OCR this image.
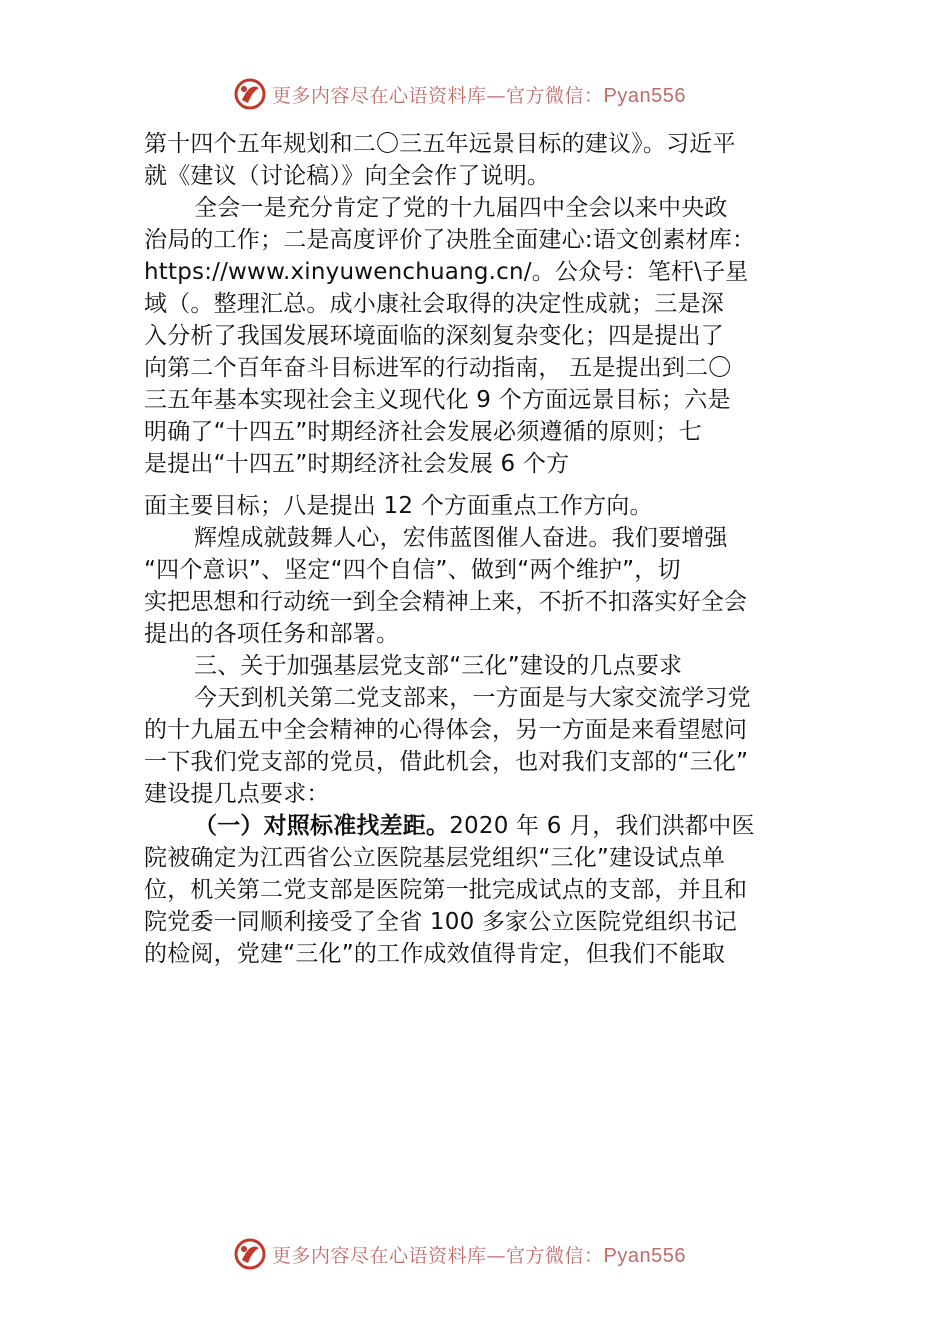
更多内容尽在心语资料库—官方微信：Pyan556

第十四个五年规划和二〇三五年远景目标的建议》。习近平

就《建议（讨论稿）》向全会作了说明。

全会一是充分肯定了党的十九届四中全会以来中央政

治局的工作；二是高度评价了决胜全面建心:语文创素材库：

https://www.xinyuwenchuang.cn/。公众号：笔杆\子星

域（。整理汇总。成小康社会取得的决定性成就；三是深

入分析了我国发展环境面临的深刻复杂变化；四是提出了

向第二个百年奋斗目标进军的行动指南， 五是提出到二〇

三五年基本实现社会主义现代化 9 个方面远景目标；六是

明确了“十四五”时期经济社会发展必须遵循的原则；七

是提出“十四五”时期经济社会发展 6 个方

面主要目标；八是提出 12 个方面重点工作方向。

辉煌成就鼓舞人心，宏伟蓝图催人奋进。我们要增强

“四个意识”、坚定“四个自信”、做到“两个维护”，切

实把思想和行动统一到全会精神上来，不折不扣落实好全会

提出的各项任务和部署。

三、关于加强基层党支部“三化”建设的几点要求

今天到机关第二党支部来，一方面是与大家交流学习党

的十九届五中全会精神的心得体会，另一方面是来看望慰问

一下我们党支部的党员，借此机会，也对我们支部的“三化”

建设提几点要求：

（一）对照标准找差距。2020 年 6 月，我们洪都中医

院被确定为江西省公立医院基层党组织“三化”建设试点单

位，机关第二党支部是医院第一批完成试点的支部，并且和

院党委一同顺利接受了全省 100 多家公立医院党组织书记

的检阅，党建“三化”的工作成效值得肯定，但我们不能取

更多内容尽在心语资料库—官方微信：Pyan556
